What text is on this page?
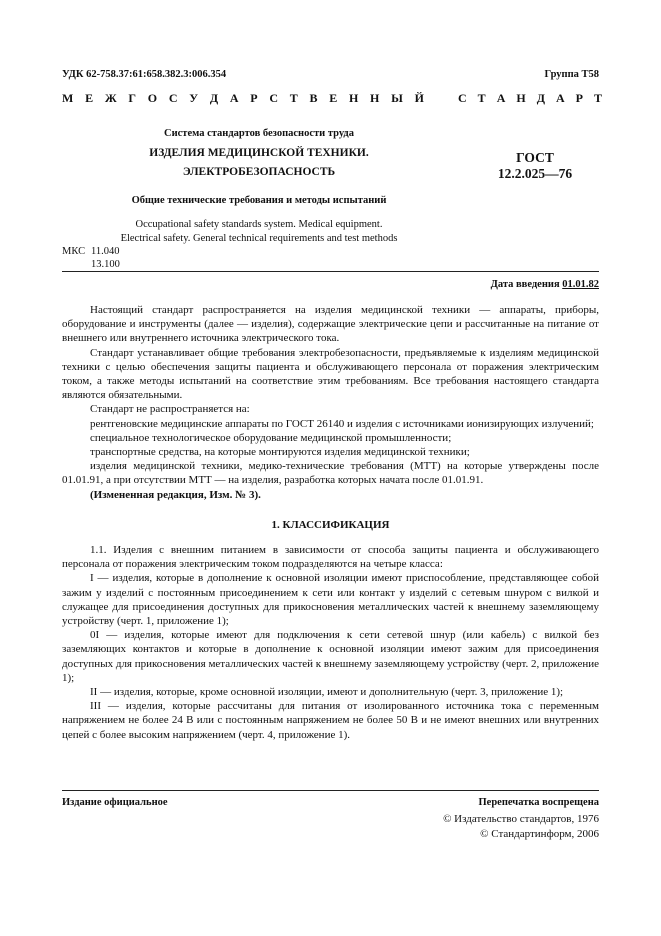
УДК 62-758.37:61:658.382.3:006.354	Группа Т58
М Е Ж Г О С У Д А Р С Т В Е Н Н Ы Й	С Т А Н Д А Р Т
Система стандартов безопасности труда
ИЗДЕЛИЯ МЕДИЦИНСКОЙ ТЕХНИКИ.
ЭЛЕКТРОБЕЗОПАСНОСТЬ
Общие технические требования и методы испытаний
Occupational safety standards system. Medical equipment.
Electrical safety. General technical requirements and test methods
ГОСТ
12.2.025—76
МКС 11.040
13.100
Дата введения 01.01.82

Настоящий стандарт распространяется на изделия медицинской техники — аппараты, приборы, оборудование и инструменты (далее — изделия), содержащие электрические цепи и рассчитанные на питание от внешнего или внутреннего источника электрического тока.

Стандарт устанавливает общие требования электробезопасности, предъявляемые к изделиям медицинской техники с целью обеспечения защиты пациента и обслуживающего персонала от поражения электрическим током, а также методы испытаний на соответствие этим требованиям. Все требования настоящего стандарта являются обязательными.

Стандарт не распространяется на:

рентгеновские медицинские аппараты по ГОСТ 26140 и изделия с источниками ионизирующих излучений;

специальное технологическое оборудование медицинской промышленности;

транспортные средства, на которые монтируются изделия медицинской техники;

изделия медицинской техники, медико-технические требования (МТТ) на которые утверждены после 01.01.91, а при отсутствии МТТ — на изделия, разработка которых начата после 01.01.91.

(Измененная редакция, Изм. № 3).

1. КЛАССИФИКАЦИЯ

1.1. Изделия с внешним питанием в зависимости от способа защиты пациента и обслуживающего персонала от поражения электрическим током подразделяются на четыре класса:

I — изделия, которые в дополнение к основной изоляции имеют приспособление, представляющее собой зажим у изделий с постоянным присоединением к сети или контакт у изделий с сетевым шнуром с вилкой и служащее для присоединения доступных для прикосновения металлических частей к внешнему заземляющему устройству (черт. 1, приложение 1);

0I — изделия, которые имеют для подключения к сети сетевой шнур (или кабель) с вилкой без заземляющих контактов и которые в дополнение к основной изоляции имеют зажим для присоединения доступных для прикосновения металлических частей к внешнему заземляющему устройству (черт. 2, приложение 1);

II — изделия, которые, кроме основной изоляции, имеют и дополнительную (черт. 3, приложение 1);

III — изделия, которые рассчитаны для питания от изолированного источника тока с переменным напряжением не более 24 В или с постоянным напряжением не более 50 В и не имеют внешних или внутренних цепей с более высоким напряжением (черт. 4, приложение 1).

Издание официальное	Перепечатка воспрещена
© Издательство стандартов, 1976
© Стандартинформ, 2006
